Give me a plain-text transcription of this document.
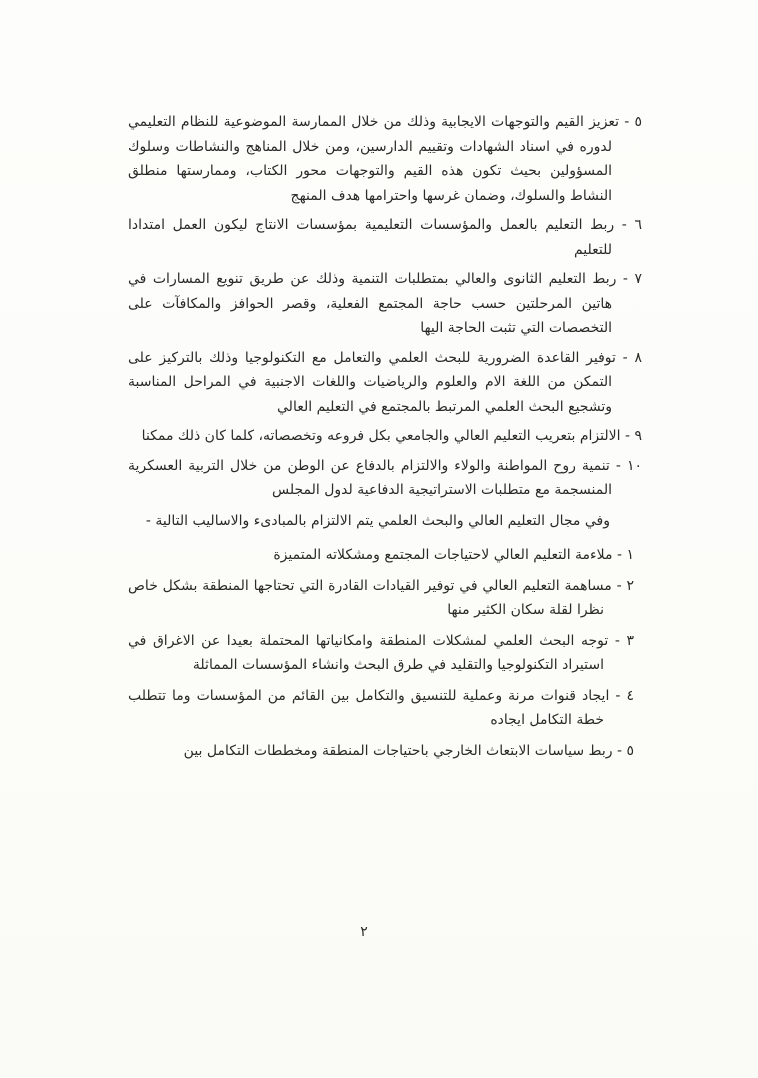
٥ - تعزيز القيم والتوجهات الايجابية وذلك من خلال الممارسة الموضوعية للنظام التعليمي لدوره في اسناد الشهادات وتقييم الدارسين، ومن خلال المناهج والنشاطات وسلوك المسؤولين بحيث تكون هذه القيم والتوجهات محور الكتاب، وممارستها منطلق النشاط والسلوك، وضمان غرسها واحترامها هدف المنهج
٦ - ربط التعليم بالعمل والمؤسسات التعليمية بمؤسسات الانتاج ليكون العمل امتدادا للتعليم
٧ - ربط التعليم الثانوى والعالي بمتطلبات التنمية وذلك عن طريق تنويع المسارات في هاتين المرحلتين حسب حاجة المجتمع الفعلية، وقصر الحوافز والمكافآت على التخصصات التي تثبت الحاجة اليها
٨ - توفير القاعدة الضرورية للبحث العلمي والتعامل مع التكنولوجيا وذلك بالتركيز على التمكن من اللغة الام والعلوم والرياضيات واللغات الاجنبية في المراحل المناسبة وتشجيع البحث العلمي المرتبط بالمجتمع في التعليم العالي
٩ - الالتزام بتعريب التعليم العالي والجامعي بكل فروعه وتخصصاته، كلما كان ذلك ممكنا
١٠ - تنمية روح المواطنة والولاء والالتزام بالدفاع عن الوطن من خلال التربية العسكرية المنسجمة مع متطلبات الاستراتيجية الدفاعية لدول المجلس

وفي مجال التعليم العالي والبحث العلمي يتم الالتزام بالمبادىء والاساليب التالية -

١ - ملاءمة التعليم العالي لاحتياجات المجتمع ومشكلاته المتميزة
٢ - مساهمة التعليم العالي في توفير القيادات القادرة التي تحتاجها المنطقة بشكل خاص نظرا لقلة سكان الكثير منها
٣ - توجه البحث العلمي لمشكلات المنطقة وامكانياتها المحتملة بعيدا عن الاغراق في استيراد التكنولوجيا والتقليد في طرق البحث وانشاء المؤسسات المماثلة
٤ - ايجاد قنوات مرنة وعملية للتنسيق والتكامل بين القائم من المؤسسات وما تتطلب خطة التكامل ايجاده
٥ - ربط سياسات الابتعاث الخارجي باحتياجات المنطقة ومخططات التكامل بين
٢
